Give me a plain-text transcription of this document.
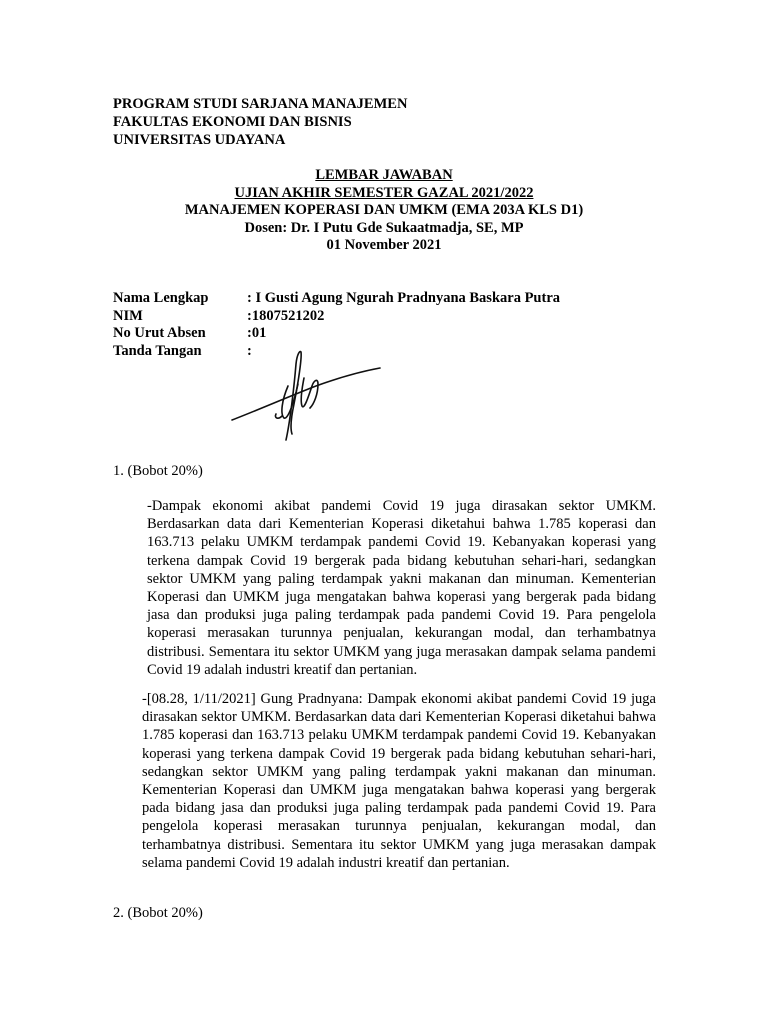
PROGRAM STUDI SARJANA MANAJEMEN
FAKULTAS EKONOMI DAN BISNIS
UNIVERSITAS UDAYANA
LEMBAR JAWABAN
UJIAN AKHIR SEMESTER GAZAL 2021/2022
MANAJEMEN KOPERASI DAN UMKM (EMA 203A KLS D1)
Dosen: Dr. I Putu Gde Sukaatmadja, SE, MP
01 November 2021
Nama Lengkap	: I Gusti Agung Ngurah Pradnyana Baskara Putra
NIM	:1807521202
No Urut Absen	:01
Tanda Tangan	:
1. (Bobot 20%)

-Dampak ekonomi akibat pandemi Covid 19 juga dirasakan sektor UMKM. Berdasarkan data dari Kementerian Koperasi diketahui bahwa 1.785 koperasi dan 163.713 pelaku UMKM terdampak pandemi Covid 19. Kebanyakan koperasi yang terkena dampak Covid 19 bergerak pada bidang kebutuhan sehari-hari, sedangkan sektor UMKM yang paling terdampak yakni makanan dan minuman. Kementerian Koperasi dan UMKM juga mengatakan bahwa koperasi yang bergerak pada bidang jasa dan produksi juga paling terdampak pada pandemi Covid 19. Para pengelola koperasi merasakan turunnya penjualan, kekurangan modal, dan terhambatnya distribusi. Sementara itu sektor UMKM yang juga merasakan dampak selama pandemi Covid 19 adalah industri kreatif dan pertanian.

-[08.28, 1/11/2021] Gung Pradnyana: Dampak ekonomi akibat pandemi Covid 19 juga dirasakan sektor UMKM. Berdasarkan data dari Kementerian Koperasi diketahui bahwa 1.785 koperasi dan 163.713 pelaku UMKM terdampak pandemi Covid 19. Kebanyakan koperasi yang terkena dampak Covid 19 bergerak pada bidang kebutuhan sehari-hari, sedangkan sektor UMKM yang paling terdampak yakni makanan dan minuman. Kementerian Koperasi dan UMKM juga mengatakan bahwa koperasi yang bergerak pada bidang jasa dan produksi juga paling terdampak pada pandemi Covid 19. Para pengelola koperasi merasakan turunnya penjualan, kekurangan modal, dan terhambatnya distribusi. Sementara itu sektor UMKM yang juga merasakan dampak selama pandemi Covid 19 adalah industri kreatif dan pertanian.

2. (Bobot 20%)
